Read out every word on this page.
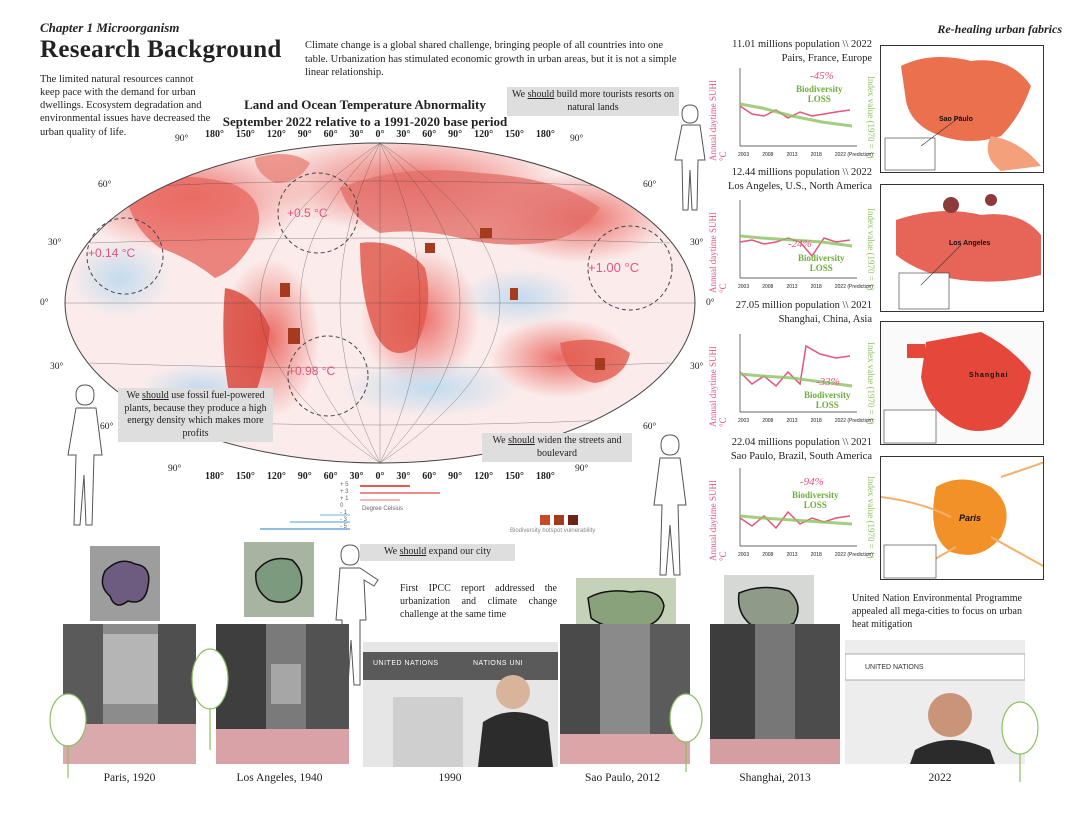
Chapter 1 Microorganism
Research Background
Re-healing urban fabrics
The limited natural resources cannot keep pace with the demand for urban dwellings. Ecosystem degradation and environmental issues have decreased the urban quality of life.
Climate change is a global shared challenge, bringing people of all countries into one table. Urbanization has stimulated economic growth in urban areas, but it is not a simple linear relationship.
Land and Ocean Temperature Abnormality
September 2022 relative to a 1991-2020 base period
90°
60°
30°
0°
30°
60°
90°
90°
60°
30°
0°
30°
60°
90°
180° 150° 120° 90° 60° 30° 0° 30° 60° 90° 120° 150° 180°
180° 150° 120° 90° 60° 30° 0° 30° 60° 90° 120° 150° 180°
+0.14 °C
+0.5 °C
+1.00 °C
+0.98 °C
+ 5
+ 3
+ 1
0
- 1
- 3
- 5
Degree Celsius
Biodiversity hotspot vulnerability
We should build more tourists resorts on natural lands
We should use fossil fuel-powered plants, because they produce a high energy density which makes more profits
We should widen the streets and boulevard
We should expand our city
11.01 millions population \\ 2022
Pairs, France, Europe
12.44 millions population \\ 2022
Los Angeles, U.S., North America
27.05 million population \\ 2021
Shanghai, China, Asia
22.04 millions population \\ 2021
Sao Paulo, Brazil, South America
Annual daytime SUHI °C	Index value (1970 = 1)
-45%
Biodiversity
LOSS
2003	2008	2013	2018	2022 (Prediction)
Annual daytime SUHI °C	Index value (1970 = 1)
-24%
Biodiversity
LOSS
2003	2008	2013	2018	2022 (Prediction)
Annual daytime SUHI °C	Index value (1970 = 1)
-33%
Biodiversity
LOSS
2003	2008	2013	2018	2022 (Prediction)
Annual daytime SUHI °C	Index value (1970 = 1)
-94%
Biodiversity
LOSS
2003	2008	2013	2018	2022 (Prediction)
Sao Paulo
Los Angeles
Shanghai
Paris
UNITED NATIONS	NATIONS UNI
UNITED NATIONS
First IPCC report addressed the urbanization and climate change challenge at the same time
United Nation Environmental Programme appealed all mega-cities to focus on urban heat mitigation
Paris, 1920	Los Angeles, 1940	1990	Sao Paulo, 2012	Shanghai, 2013	2022
